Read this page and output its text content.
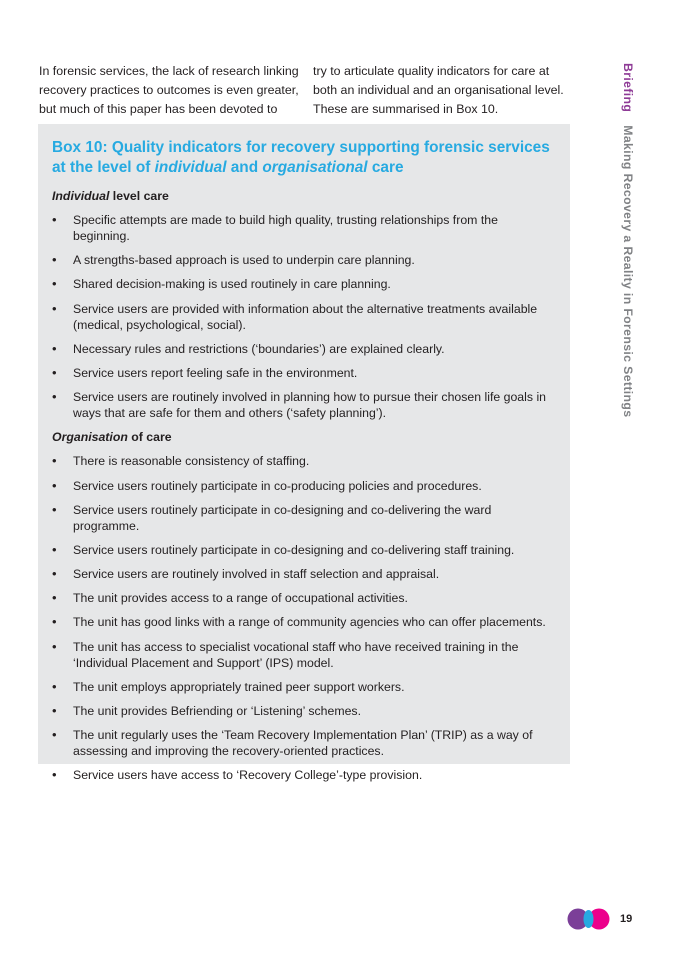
In forensic services, the lack of research linking recovery practices to outcomes is even greater, but much of this paper has been devoted to

try to articulate quality indicators for care at both an individual and an organisational level. These are summarised in Box 10.

Box 10: Quality indicators for recovery supporting forensic services at the level of individual and organisational care
Individual level care
• Specific attempts are made to build high quality, trusting relationships from the beginning.
• A strengths-based approach is used to underpin care planning.
• Shared decision-making is used routinely in care planning.
• Service users are provided with information about the alternative treatments available (medical, psychological, social).
• Necessary rules and restrictions (‘boundaries’) are explained clearly.
• Service users report feeling safe in the environment.
• Service users are routinely involved in planning how to pursue their chosen life goals in ways that are safe for them and others (‘safety planning’).
Organisation of care
• There is reasonable consistency of staffing.
• Service users routinely participate in co-producing policies and procedures.
• Service users routinely participate in co-designing and co-delivering the ward programme.
• Service users routinely participate in co-designing and co-delivering staff training.
• Service users are routinely involved in staff selection and appraisal.
• The unit provides access to a range of occupational activities.
• The unit has good links with a range of community agencies who can offer placements.
• The unit has access to specialist vocational staff who have received training in the ‘Individual Placement and Support’ (IPS) model.
• The unit employs appropriately trained peer support workers.
• The unit provides Befriending or ‘Listening’ schemes.
• The unit regularly uses the ‘Team Recovery Implementation Plan’ (TRIP) as a way of assessing and improving the recovery-oriented practices.
• Service users have access to ‘Recovery College’-type provision.
BriefingMaking Recovery a Reality in Forensic Settings
19
